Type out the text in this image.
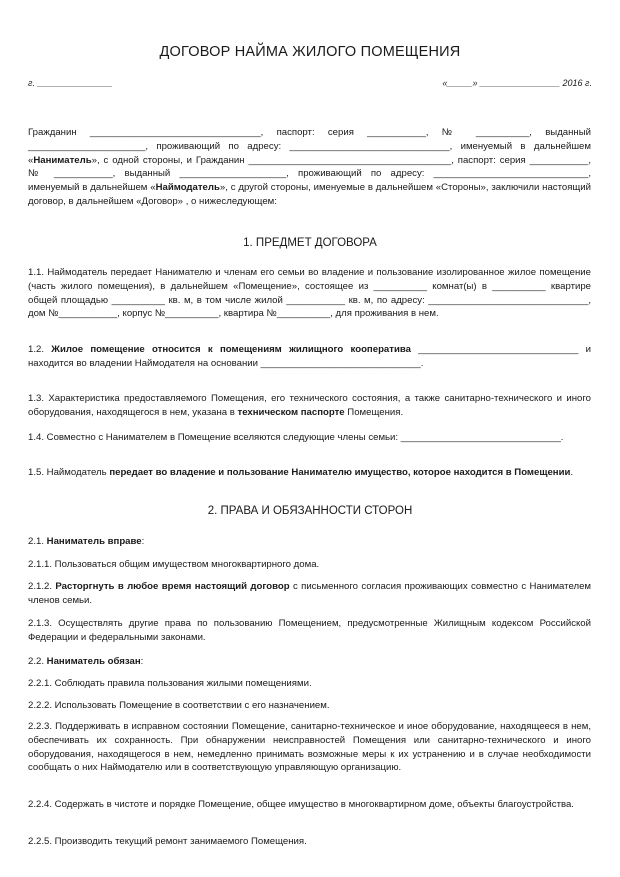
ДОГОВОР НАЙМА ЖИЛОГО ПОМЕЩЕНИЯ
г. _______________	«_____» ________________ 2016 г.
Гражданин ________________________________, паспорт: серия ___________, № __________, выданный ______________________, проживающий по адресу: ______________________________, именуемый в дальнейшем «Наниматель», с одной стороны, и Гражданин ______________________________________, паспорт: серия ___________, № ___________, выданный ____________________, проживающий по адресу: _____________________________, именуемый в дальнейшем «Наймодатель», с другой стороны, именуемые в дальнейшем «Стороны», заключили настоящий договор, в дальнейшем «Договор» , о нижеследующем:
1. ПРЕДМЕТ ДОГОВОРА
1.1. Наймодатель передает Нанимателю и членам его семьи во владение и пользование изолированное жилое помещение (часть жилого помещения), в дальнейшем «Помещение», состоящее из __________ комнат(ы) в __________ квартире общей площадью __________ кв. м, в том числе жилой ___________ кв. м, по адресу: ______________________________, дом №___________, корпус №__________, квартира №__________, для проживания в нем.
1.2. Жилое помещение относится к помещениям жилищного кооператива ______________________________ и находится во владении Наймодателя на основании ______________________________.
1.3. Характеристика предоставляемого Помещения, его технического состояния, а также санитарно-технического и иного оборудования, находящегося в нем, указана в техническом паспорте Помещения.
1.4. Совместно с Нанимателем в Помещение вселяются следующие члены семьи: ______________________________.
1.5. Наймодатель передает во владение и пользование Нанимателю имущество, которое находится в Помещении.
2. ПРАВА И ОБЯЗАННОСТИ СТОРОН
2.1. Наниматель вправе:
2.1.1. Пользоваться общим имуществом многоквартирного дома.
2.1.2. Расторгнуть в любое время настоящий договор с письменного согласия проживающих совместно с Нанимателем членов семьи.
2.1.3. Осуществлять другие права по пользованию Помещением, предусмотренные Жилищным кодексом Российской Федерации и федеральными законами.
2.2. Наниматель обязан:
2.2.1. Соблюдать правила пользования жилыми помещениями.
2.2.2. Использовать Помещение в соответствии с его назначением.
2.2.3. Поддерживать в исправном состоянии Помещение, санитарно-техническое и иное оборудование, находящееся в нем, обеспечивать их сохранность. При обнаружении неисправностей Помещения или санитарно-технического и иного оборудования, находящегося в нем, немедленно принимать возможные меры к их устранению и в случае необходимости сообщать о них Наймодателю или в соответствующую управляющую организацию.
2.2.4. Содержать в чистоте и порядке Помещение, общее имущество в многоквартирном доме, объекты благоустройства.
2.2.5. Производить текущий ремонт занимаемого Помещения.
